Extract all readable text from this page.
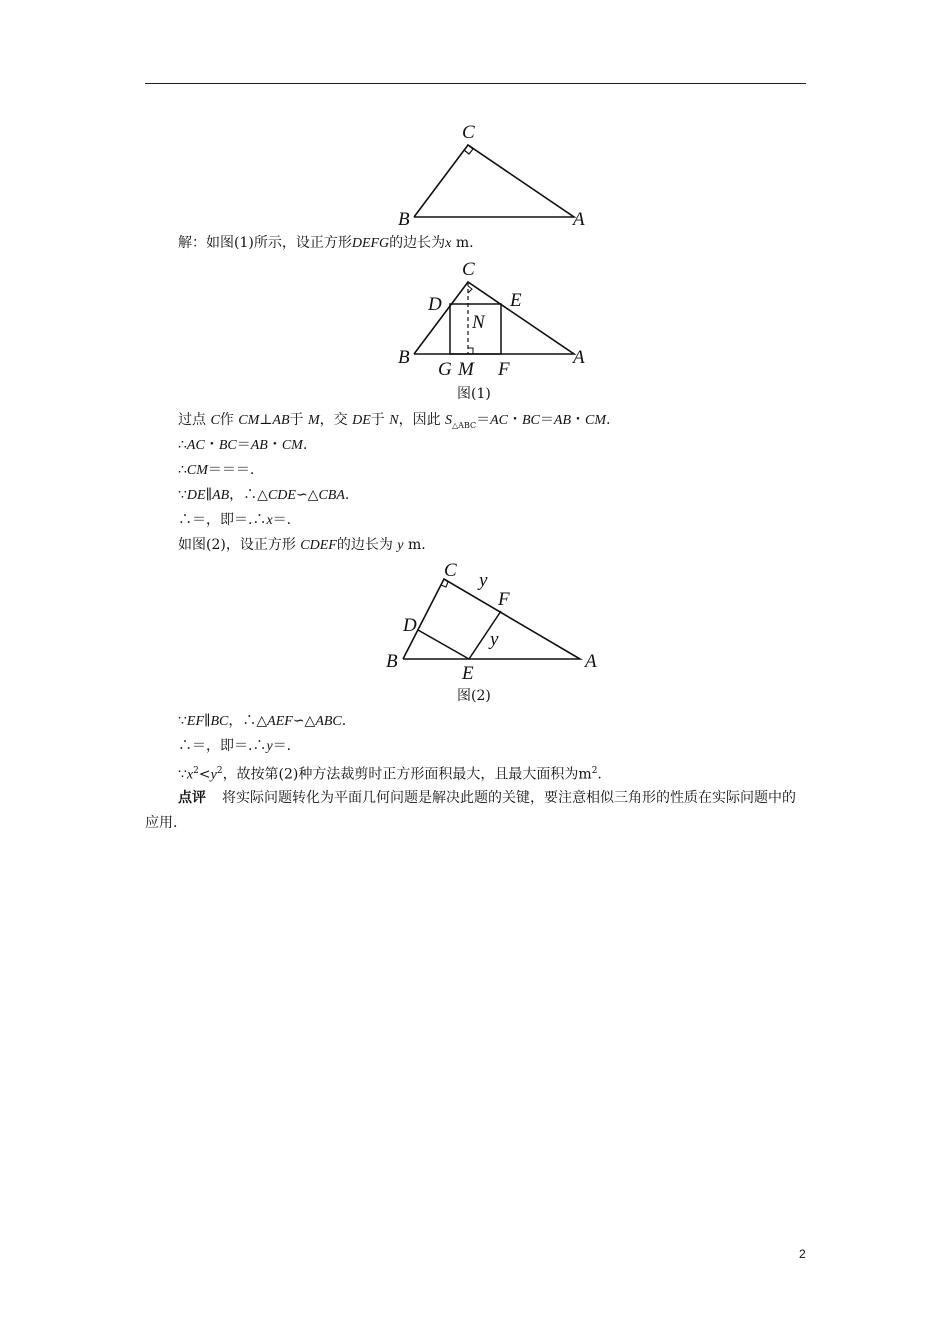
C
B	A
解：如图(1)所示，设正方形DEFG的边长为x m.
C
D	E
N
B	A
G M F
图(1)
过点 C作 CM⊥AB于 M，交 DE于 N，因此 $S_{\triangle ABC}=AC$・BC＝AB・CM.
∴AC・BC＝AB・CM.
∴CM＝＝＝.
∵DE∥AB，∴△CDE∽△CBA.
∴＝，即＝.∴x＝.
如图(2)，设正方形 CDEF的边长为 y m.
C y
F
D
y
B
E
A
图(2)
∵EF∥BC，∴△AEF∽△ABC.
∴＝，即＝.∴y＝.
$\because x^2<y^2$，故按第(2)种方法裁剪时正方形面积最大，且最大面积为$m^2$.
点评 将实际问题转化为平面几何问题是解决此题的关键，要注意相似三角形的性质在实际问题中的应用.
2
